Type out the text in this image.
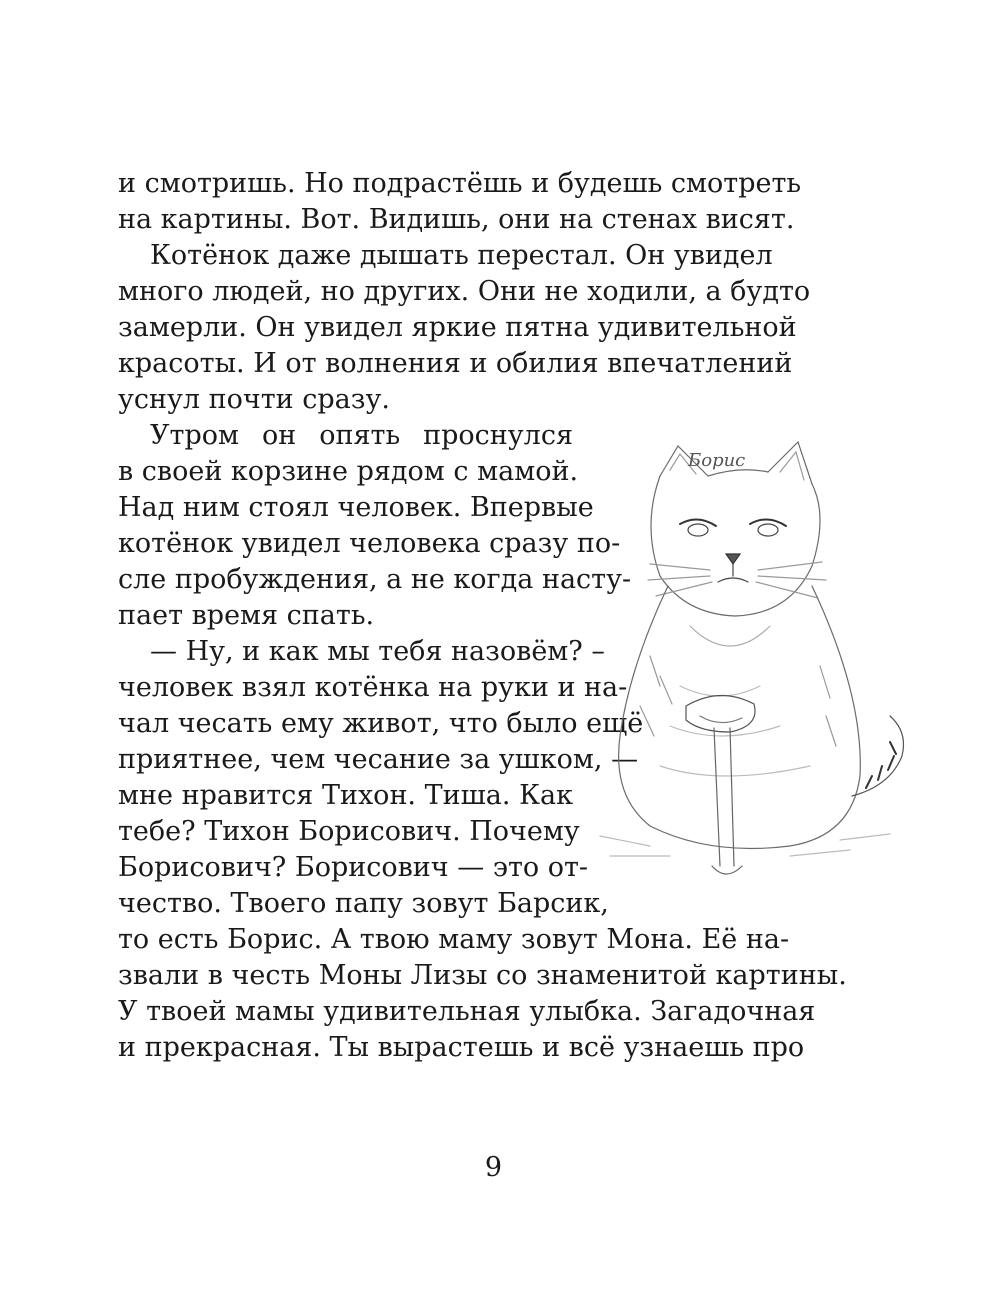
и смотришь. Но подрастёшь и будешь смотреть
на картины. Вот. Видишь, они на стенах висят.
Котёнок даже дышать перестал. Он увидел
много людей, но других. Они не ходили, а будто
замерли. Он увидел яркие пятна удивительной
красоты. И от волнения и обилия впечатлений
уснул почти сразу.
Утром он опять проснулся
в своей корзине рядом с мамой.
Над ним стоял человек. Впервые
котёнок увидел человека сразу по-
сле пробуждения, а не когда насту-
пает время спать.
— Ну, и как мы тебя назовём? –
человек взял котёнка на руки и на-
чал чесать ему живот, что было ещё
приятнее, чем чесание за ушком, —
мне нравится Тихон. Тиша. Как
тебе? Тихон Борисович. Почему
Борисович? Борисович — это от-
чество. Твоего папу зовут Барсик,
то есть Борис. А твою маму зовут Мона. Её на-
звали в честь Моны Лизы со знаменитой картины.
У твоей мамы удивительная улыбка. Загадочная
и прекрасная. Ты вырастешь и всё узнаешь про
Борис
9
